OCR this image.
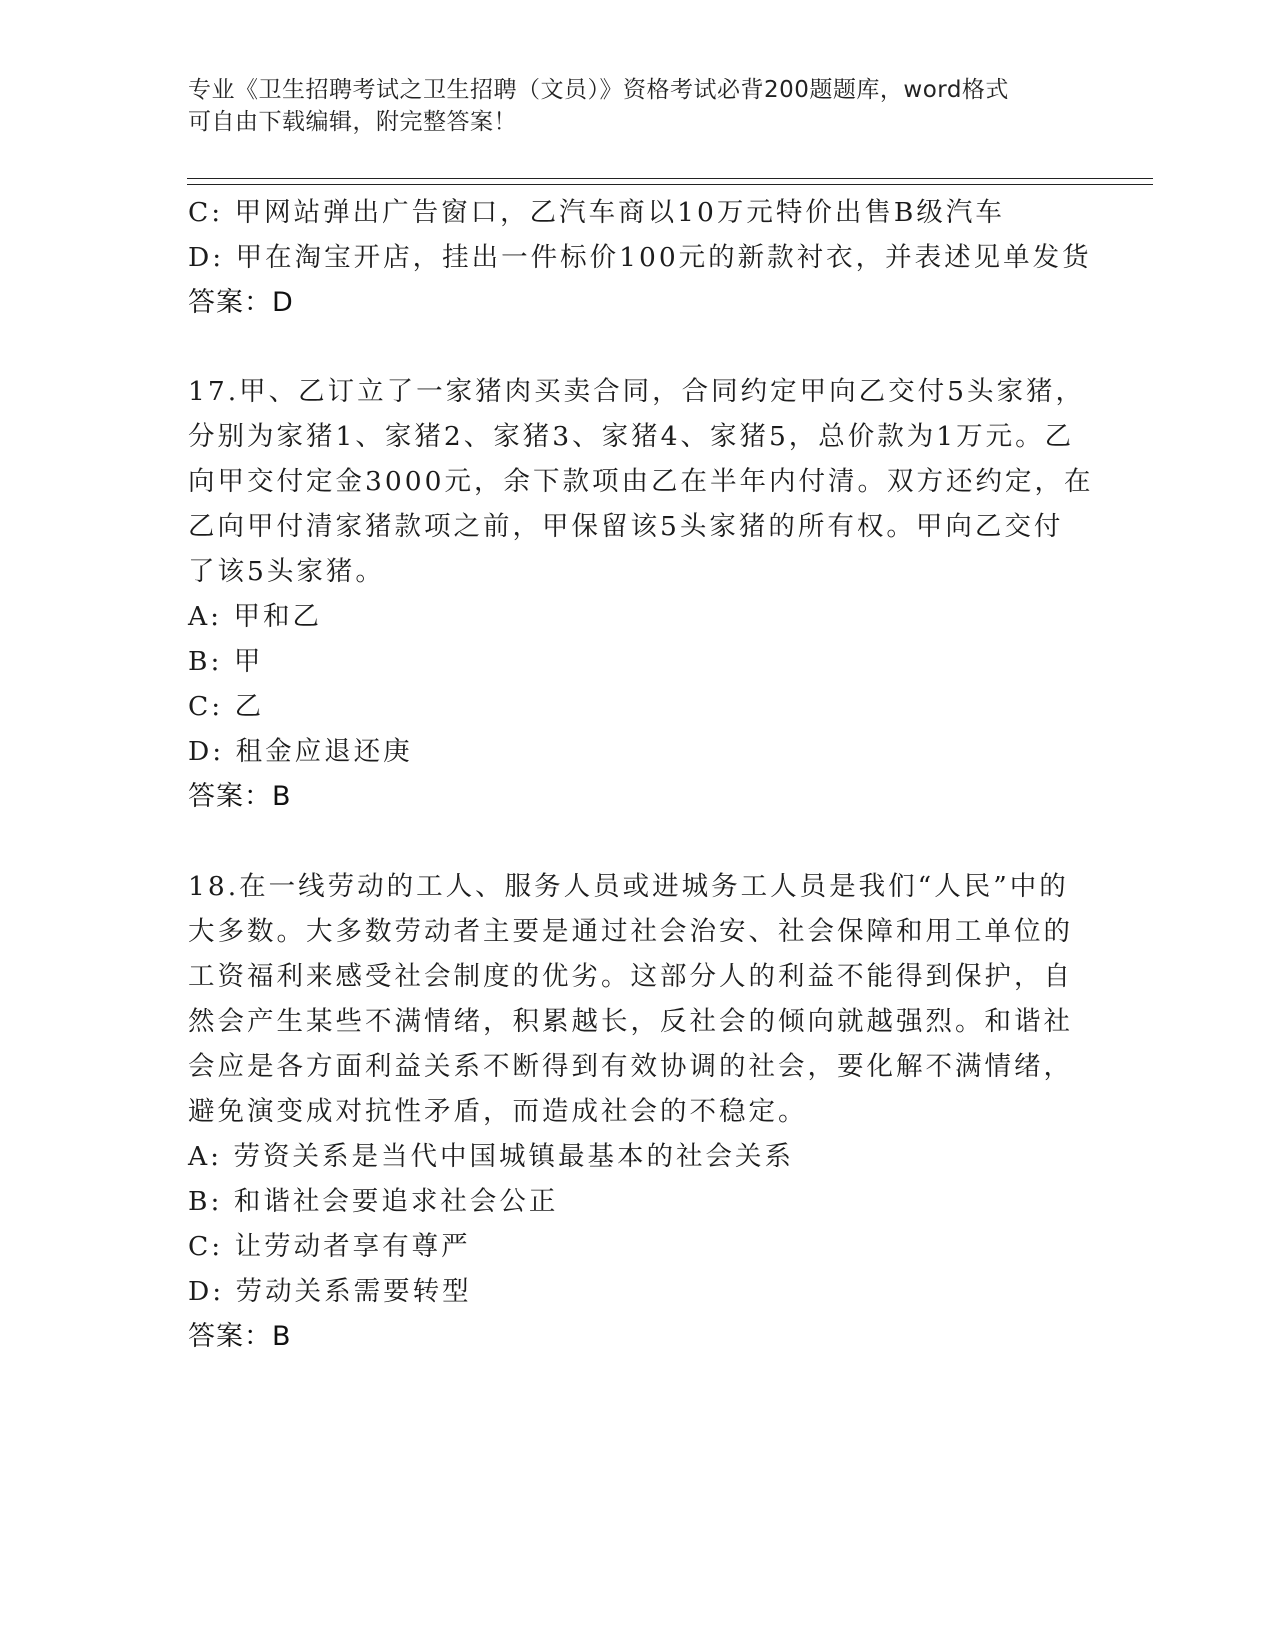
专业《卫生招聘考试之卫生招聘（文员）》资格考试必背200题题库，word格式
可自由下载编辑，附完整答案！
C: 甲网站弹出广告窗口，乙汽车商以10万元特价出售B级汽车
D: 甲在淘宝开店，挂出一件标价100元的新款衬衣，并表述见单发货
答案：D
17.甲、乙订立了一家猪肉买卖合同，合同约定甲向乙交付5头家猪，
分别为家猪1、家猪2、家猪3、家猪4、家猪5，总价款为1万元。乙
向甲交付定金3000元，余下款项由乙在半年内付清。双方还约定，在
乙向甲付清家猪款项之前，甲保留该5头家猪的所有权。甲向乙交付
了该5头家猪。
A: 甲和乙
B: 甲
C: 乙
D: 租金应退还庚
答案：B
18.在一线劳动的工人、服务人员或进城务工人员是我们“人民”中的
大多数。大多数劳动者主要是通过社会治安、社会保障和用工单位的
工资福利来感受社会制度的优劣。这部分人的利益不能得到保护，自
然会产生某些不满情绪，积累越长，反社会的倾向就越强烈。和谐社
会应是各方面利益关系不断得到有效协调的社会，要化解不满情绪，
避免演变成对抗性矛盾，而造成社会的不稳定。
A: 劳资关系是当代中国城镇最基本的社会关系
B: 和谐社会要追求社会公正
C: 让劳动者享有尊严
D: 劳动关系需要转型
答案：B
